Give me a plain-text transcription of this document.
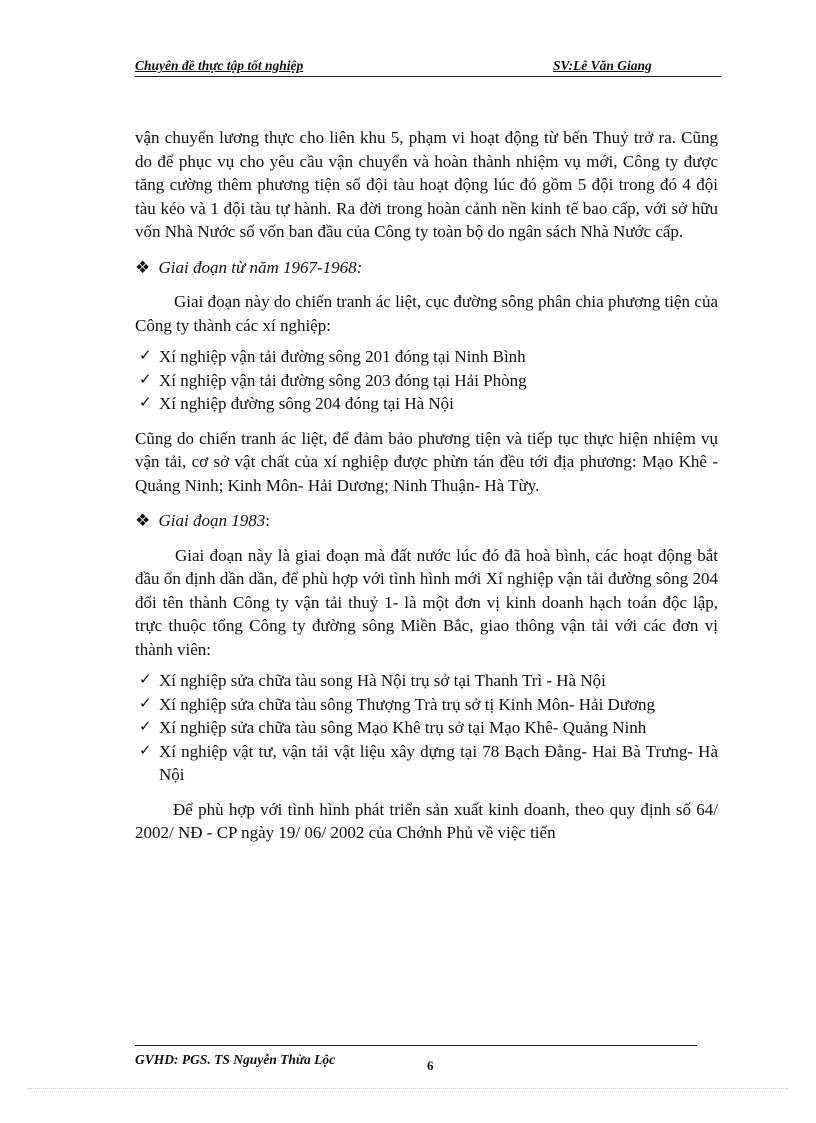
Chuyên đề thực tập tốt nghiệp	SV:Lê Văn Giang

vận chuyển lương thực cho liên khu 5, phạm vi hoạt động từ bến Thuỷ trở ra. Cũng do để phục vụ cho yêu cầu vận chuyển và hoàn thành nhiệm vụ mới, Công ty được tăng cường thêm phương tiện số đội tàu hoạt động lúc đó gồm 5 đội trong đó 4 đội tàu kéo và 1 đội tàu tự hành. Ra đời trong hoàn cảnh nền kinh tế bao cấp, với sở hữu vốn Nhà Nước số vốn ban đầu của Công ty toàn bộ do ngân sách Nhà Nước cấp.

❖ Giai đoạn từ năm 1967-1968:

Giai đoạn này do chiến tranh ác liệt, cục đường sông phân chia phương tiện của Công ty thành các xí nghiệp:

✓ Xí nghiệp vận tải đường sông 201 đóng tại Ninh Bình
✓ Xí nghiệp vận tải đường sông 203 đóng tại Hải Phòng
✓ Xí nghiệp đường sông 204 đóng tại Hà Nội

Cũng do chiến tranh ác liệt, để đảm bảo phương tiện và tiếp tục thực hiện nhiệm vụ vận tải, cơ sở vật chất của xí nghiệp được phừn tán đều tới địa phương: Mạo Khê - Quảng Ninh; Kinh Môn- Hải Dương; Ninh Thuận- Hà Từy.

❖ Giai đoạn 1983:

Giai đoạn này là giai đoạn mà đất nước lúc đó đã hoà bình, các hoạt động bắt đầu ổn định dần dần, để phù hợp với tình hình mới Xí nghiệp vận tải đường sông 204 đổi tên thành Công ty vận tải thuỷ 1- là một đơn vị kinh doanh hạch toán độc lập, trực thuộc tổng Công ty đường sông Miền Bắc, giao thông vận tải với các đơn vị thành viên:

✓ Xí nghiệp sửa chữa tàu song Hà Nội trụ sở tại Thanh Trì - Hà Nội
✓ Xí nghiệp sửa chữa tàu sông Thượng Trà trụ sở tị Kinh Môn- Hải Dương
✓ Xí nghiệp sửa chữa tàu sông Mạo Khê trụ sở tại Mạo Khê- Quảng Ninh
✓ Xí nghiệp vật tư, vận tải vật liệu xây dựng tại 78 Bạch Đằng- Hai Bà Trưng- Hà Nội

Để phù hợp với tình hình phát triển sản xuất kinh doanh, theo quy định số 64/ 2002/ NĐ - CP ngày 19/ 06/ 2002 của Chớnh Phủ về việc tiến

GVHD: PGS. TS Nguyễn Thừa Lộc	6
